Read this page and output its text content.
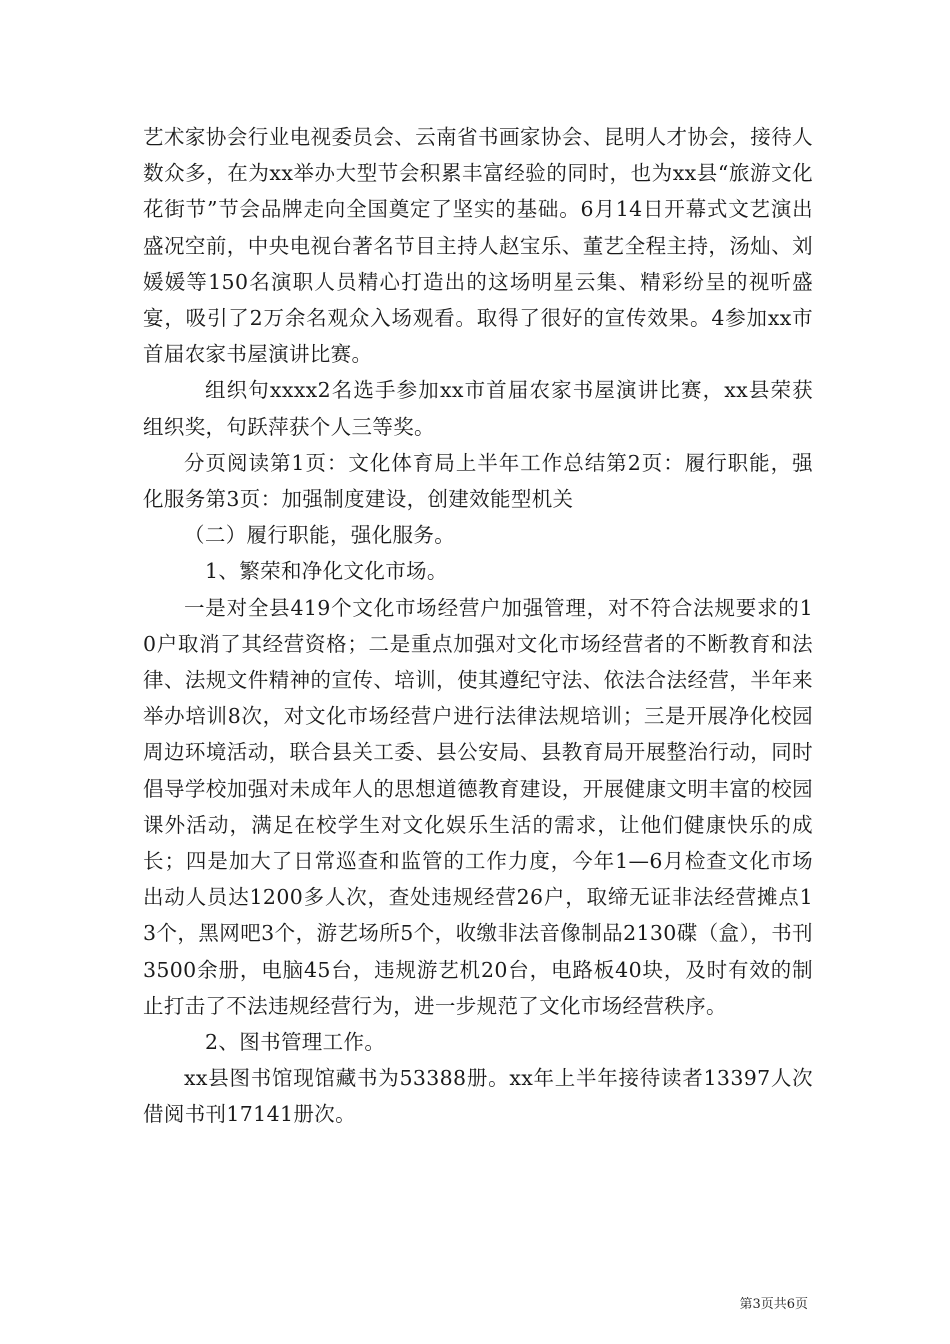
艺术家协会行业电视委员会、云南省书画家协会、昆明人才协会，接待人数众多，在为xx举办大型节会积累丰富经验的同时，也为xx县“旅游文化花街节”节会品牌走向全国奠定了坚实的基础。6月14日开幕式文艺演出盛况空前，中央电视台著名节目主持人赵宝乐、董艺全程主持，汤灿、刘媛媛等150名演职人员精心打造出的这场明星云集、精彩纷呈的视听盛宴，吸引了2万余名观众入场观看。取得了很好的宣传效果。4参加xx市首届农家书屋演讲比赛。

组织句xxxx2名选手参加xx市首届农家书屋演讲比赛，xx县荣获组织奖，句跃萍获个人三等奖。

分页阅读第1页：文化体育局上半年工作总结第2页：履行职能，强化服务第3页：加强制度建设，创建效能型机关

（二）履行职能，强化服务。

1、繁荣和净化文化市场。

一是对全县419个文化市场经营户加强管理，对不符合法规要求的10户取消了其经营资格；二是重点加强对文化市场经营者的不断教育和法律、法规文件精神的宣传、培训，使其遵纪守法、依法合法经营，半年来举办培训8次，对文化市场经营户进行法律法规培训；三是开展净化校园周边环境活动，联合县关工委、县公安局、县教育局开展整治行动，同时倡导学校加强对未成年人的思想道德教育建设，开展健康文明丰富的校园课外活动，满足在校学生对文化娱乐生活的需求，让他们健康快乐的成长；四是加大了日常巡查和监管的工作力度，今年1—6月检查文化市场出动人员达1200多人次，查处违规经营26户，取缔无证非法经营摊点13个，黑网吧3个，游艺场所5个，收缴非法音像制品2130碟（盒），书刊3500余册，电脑45台，违规游艺机20台，电路板40块，及时有效的制止打击了不法违规经营行为，进一步规范了文化市场经营秩序。

2、图书管理工作。

xx县图书馆现馆藏书为53388册。xx年上半年接待读者13397人次借阅书刊17141册次。

第3页共6页
